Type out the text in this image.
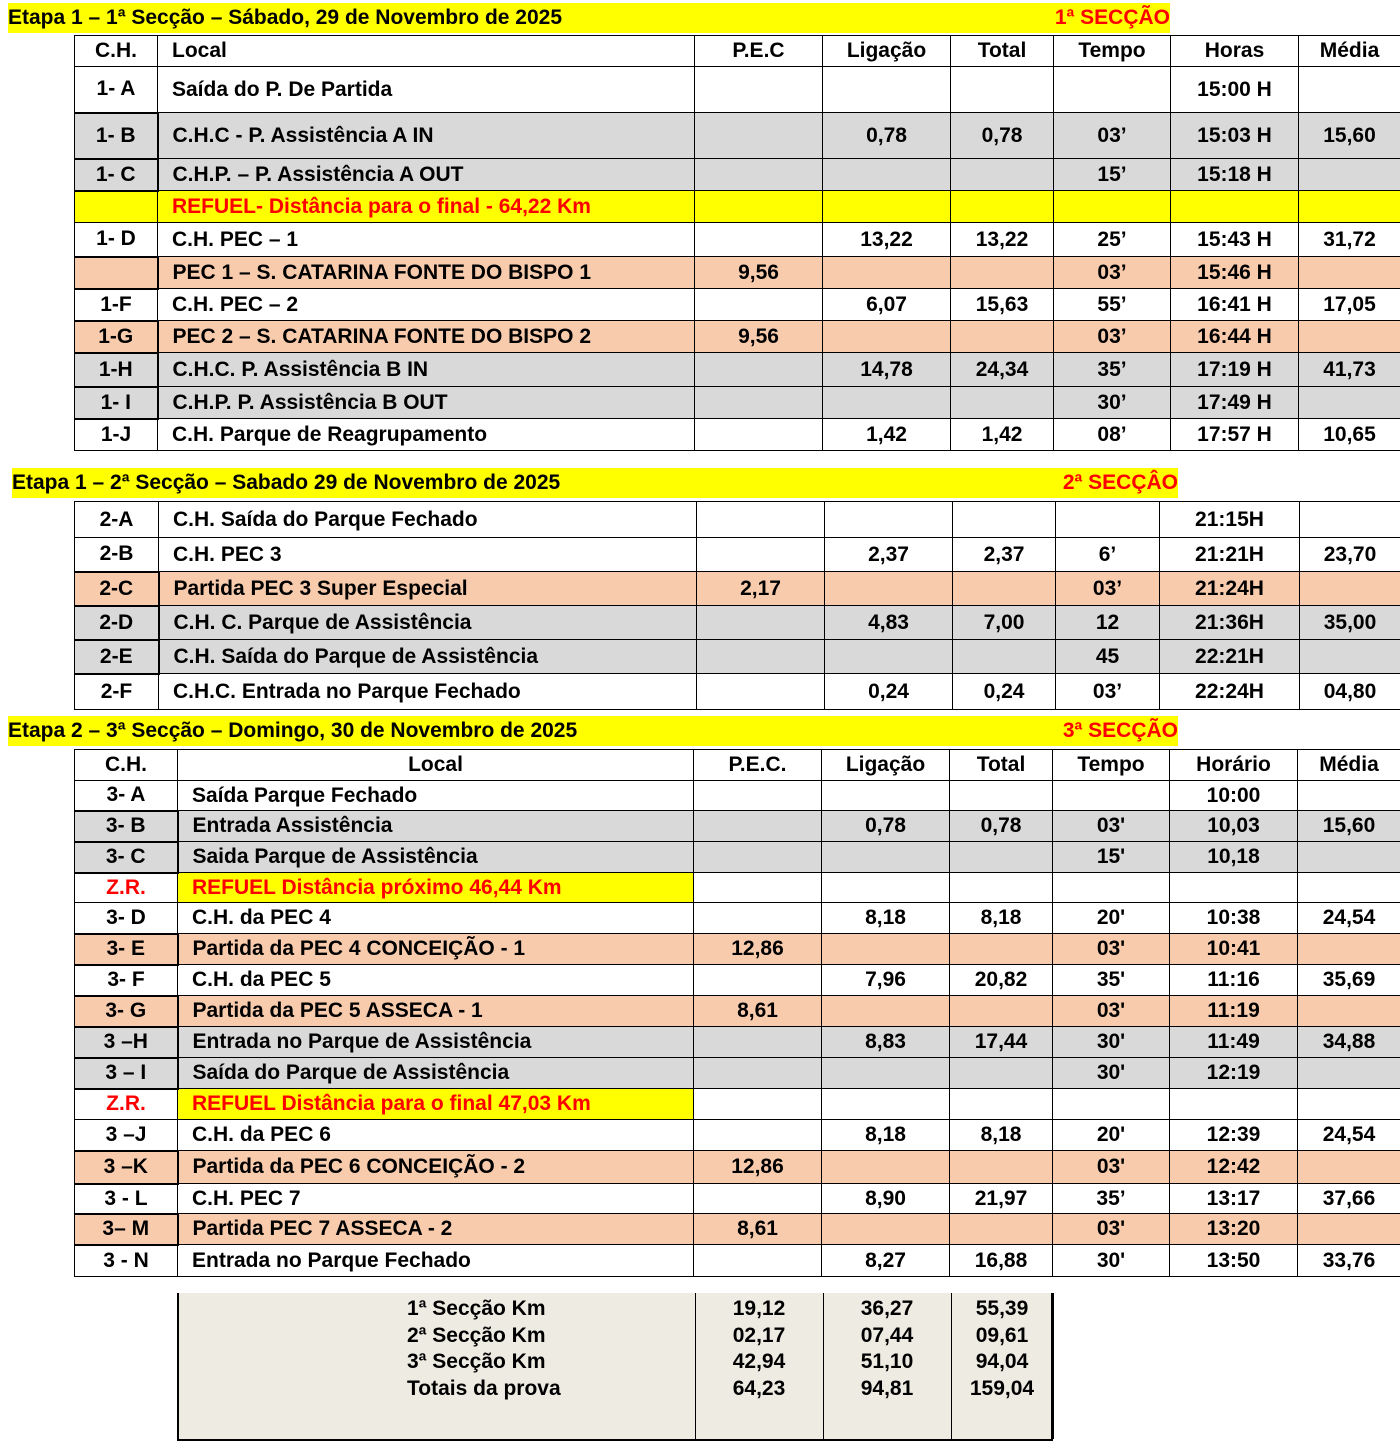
Etapa 1 – 1ª Secção – Sábado, 29 de Novembro de 2025	1ª SECÇÃO
C.H.	Local	P.E.C	Ligação	Total	Tempo	Horas	Média
1- A	Saída do P. De Partida					15:00 H	
1- B	C.H.C - P. Assistência A IN		0,78	0,78	03’	15:03 H	15,60
1- C	C.H.P. – P. Assistência A OUT				15’	15:18 H	
	REFUEL- Distância para o final - 64,22 Km						
1- D	C.H. PEC – 1		13,22	13,22	25’	15:43 H	31,72
	PEC 1 – S. CATARINA FONTE DO BISPO 1	9,56			03’	15:46 H	
1-F	C.H. PEC – 2		6,07	15,63	55’	16:41 H	17,05
1-G	PEC 2 – S. CATARINA FONTE DO BISPO 2	9,56			03’	16:44 H	
1-H	C.H.C. P. Assistência B IN		14,78	24,34	35’	17:19 H	41,73
1- I	C.H.P. P. Assistência B OUT				30’	17:49 H	
1-J	C.H. Parque de Reagrupamento		1,42	1,42	08’	17:57 H	10,65
Etapa 1 – 2ª Secção – Sabado 29 de Novembro de 2025	2ª SECÇÂO
2-A	C.H. Saída do Parque Fechado					21:15H	
2-B	C.H. PEC 3		2,37	2,37	6’	21:21H	23,70
2-C	Partida PEC 3 Super Especial	2,17			03’	21:24H	
2-D	C.H. C. Parque de Assistência		4,83	7,00	12	21:36H	35,00
2-E	C.H. Saída do Parque de Assistência				45	22:21H	
2-F	C.H.C. Entrada no Parque Fechado		0,24	0,24	03’	22:24H	04,80
Etapa 2 – 3ª Secção – Domingo, 30 de Novembro de 2025	3ª SECÇÃO
C.H.	Local	P.E.C.	Ligação	Total	Tempo	Horário	Média
3- A	Saída Parque Fechado					10:00	
3- B	Entrada Assistência		0,78	0,78	03'	10,03	15,60
3- C	Saida Parque de Assistência				15'	10,18	
Z.R.	REFUEL Distância próximo 46,44 Km						
3- D	C.H. da PEC 4		8,18	8,18	20'	10:38	24,54
3- E	Partida da PEC 4 CONCEIÇÃO - 1	12,86			03'	10:41	
3- F	C.H. da PEC 5		7,96	20,82	35'	11:16	35,69
3- G	Partida da PEC 5 ASSECA - 1	8,61			03'	11:19	
3 –H	Entrada no Parque de Assistência		8,83	17,44	30'	11:49	34,88
3 – I	Saída do Parque de Assistência				30'	12:19	
Z.R.	REFUEL Distância para o final 47,03 Km						
3 –J	C.H. da PEC 6		8,18	8,18	20'	12:39	24,54
3 –K	Partida da PEC 6 CONCEIÇÃO - 2	12,86			03'	12:42	
3 - L	C.H. PEC 7		8,90	21,97	35’	13:17	37,66
3– M	Partida PEC 7 ASSECA - 2	8,61			03'	13:20	
3 - N	Entrada no Parque Fechado		8,27	16,88	30'	13:50	33,76
1ª Secção Km	19,12	36,27	55,39
2ª Secção Km	02,17	07,44	09,61
3ª Secção Km	42,94	51,10	94,04
Totais da prova	64,23	94,81	159,04
